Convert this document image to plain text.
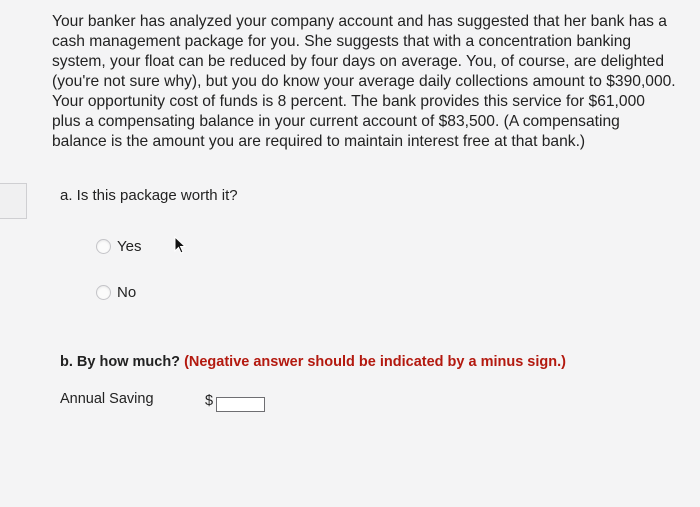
Your banker has analyzed your company account and has suggested that her bank has a cash management package for you. She suggests that with a concentration banking system, your float can be reduced by four days on average. You, of course, are delighted (you're not sure why), but you do know your average daily collections amount to $390,000. Your opportunity cost of funds is 8 percent. The bank provides this service for $61,000 plus a compensating balance in your current account of $83,500. (A compensating balance is the amount you are required to maintain interest free at that bank.)
a. Is this package worth it?
Yes
No
b. By how much? (Negative answer should be indicated by a minus sign.)
Annual Saving	$
